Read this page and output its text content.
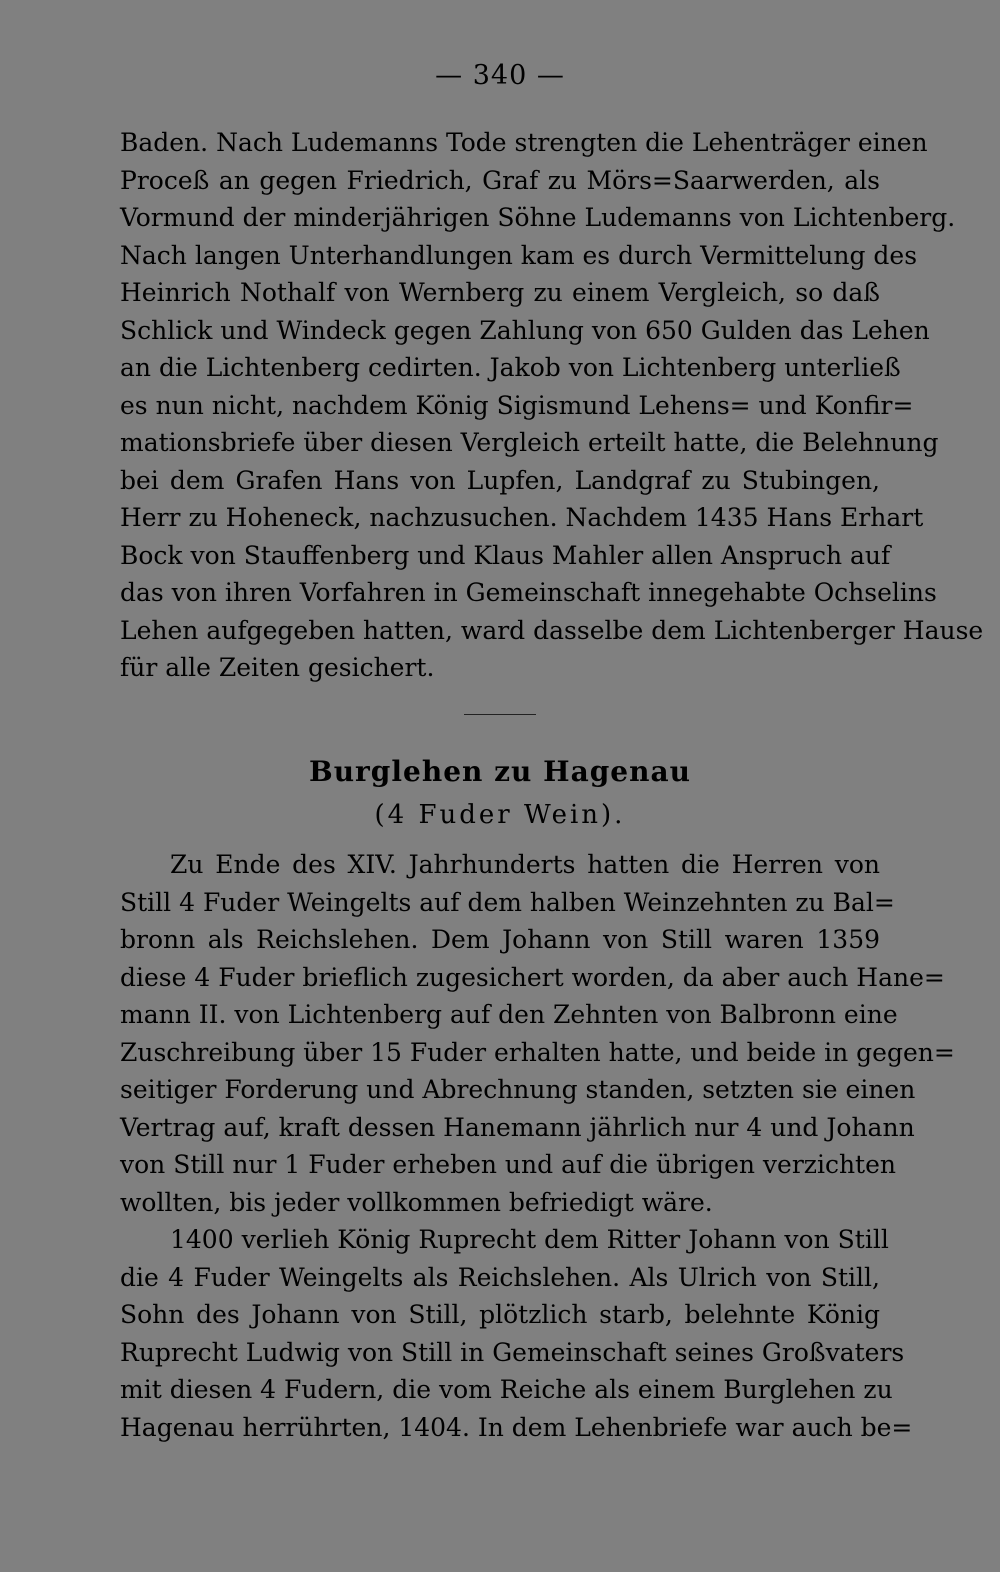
— 340 —
Baden. Nach Ludemanns Tode strengten die Lehenträger einen
Proceß an gegen Friedrich, Graf zu Mörs=Saarwerden, als
Vormund der minderjährigen Söhne Ludemanns von Lichtenberg.
Nach langen Unterhandlungen kam es durch Vermittelung des
Heinrich Nothalf von Wernberg zu einem Vergleich, so daß
Schlick und Windeck gegen Zahlung von 650 Gulden das Lehen
an die Lichtenberg cedirten. Jakob von Lichtenberg unterließ
es nun nicht, nachdem König Sigismund Lehens= und Konfir=
mationsbriefe über diesen Vergleich erteilt hatte, die Belehnung
bei dem Grafen Hans von Lupfen, Landgraf zu Stubingen,
Herr zu Hoheneck, nachzusuchen. Nachdem 1435 Hans Erhart
Bock von Stauffenberg und Klaus Mahler allen Anspruch auf
das von ihren Vorfahren in Gemeinschaft innegehabte Ochselins
Lehen aufgegeben hatten, ward dasselbe dem Lichtenberger Hause
für alle Zeiten gesichert.
Burglehen zu Hagenau
(4 Fuder Wein).
Zu Ende des XIV. Jahrhunderts hatten die Herren von
Still 4 Fuder Weingelts auf dem halben Weinzehnten zu Bal=
bronn als Reichslehen. Dem Johann von Still waren 1359
diese 4 Fuder brieflich zugesichert worden, da aber auch Hane=
mann II. von Lichtenberg auf den Zehnten von Balbronn eine
Zuschreibung über 15 Fuder erhalten hatte, und beide in gegen=
seitiger Forderung und Abrechnung standen, setzten sie einen
Vertrag auf, kraft dessen Hanemann jährlich nur 4 und Johann
von Still nur 1 Fuder erheben und auf die übrigen verzichten
wollten, bis jeder vollkommen befriedigt wäre.
1400 verlieh König Ruprecht dem Ritter Johann von Still
die 4 Fuder Weingelts als Reichslehen. Als Ulrich von Still,
Sohn des Johann von Still, plötzlich starb, belehnte König
Ruprecht Ludwig von Still in Gemeinschaft seines Großvaters
mit diesen 4 Fudern, die vom Reiche als einem Burglehen zu
Hagenau herrührten, 1404. In dem Lehenbriefe war auch be=
